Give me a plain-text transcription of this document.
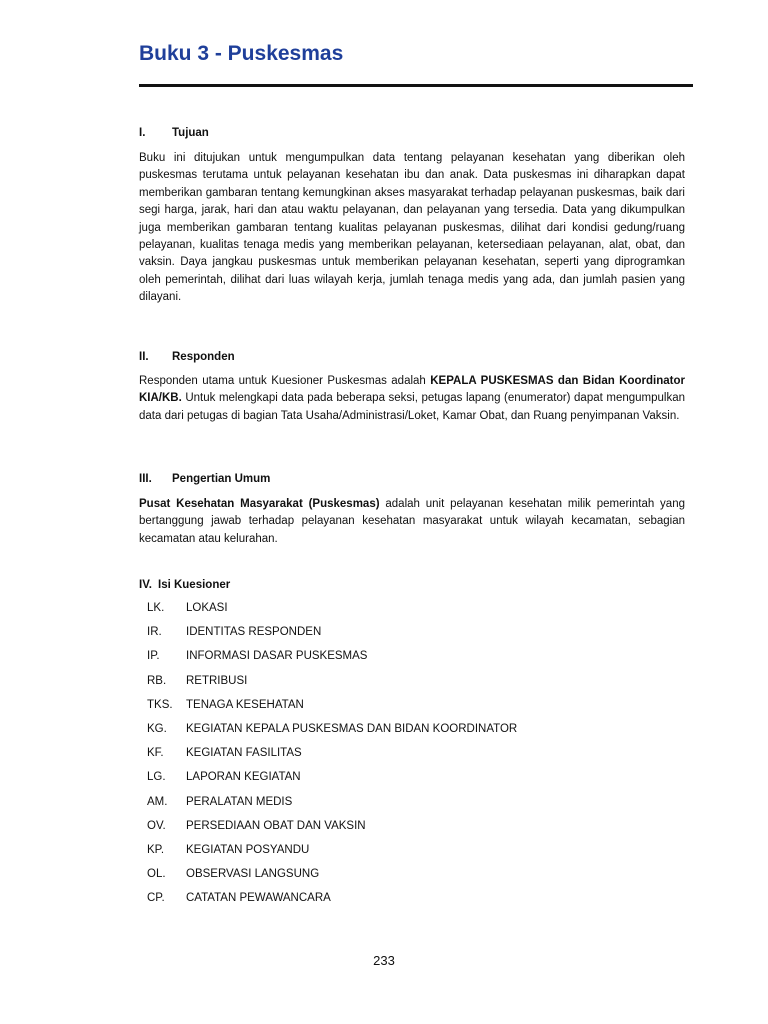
Buku 3 - Puskesmas
I. Tujuan

Buku ini ditujukan untuk mengumpulkan data tentang pelayanan kesehatan yang diberikan oleh puskesmas terutama untuk pelayanan kesehatan ibu dan anak. Data puskesmas ini diharapkan dapat memberikan gambaran tentang kemungkinan akses masyarakat terhadap pelayanan puskesmas, baik dari segi harga, jarak, hari dan atau waktu pelayanan, dan pelayanan yang tersedia. Data yang dikumpulkan juga memberikan gambaran tentang kualitas pelayanan puskesmas, dilihat dari kondisi gedung/ruang pelayanan, kualitas tenaga medis yang memberikan pelayanan, ketersediaan pelayanan, alat, obat, dan vaksin. Daya jangkau puskesmas untuk memberikan pelayanan kesehatan, seperti yang diprogramkan oleh pemerintah, dilihat dari luas wilayah kerja, jumlah tenaga medis yang ada, dan jumlah pasien yang dilayani.

II. Responden

Responden utama untuk Kuesioner Puskesmas adalah KEPALA PUSKESMAS dan Bidan Koordinator KIA/KB. Untuk melengkapi data pada beberapa seksi, petugas lapang (enumerator) dapat mengumpulkan data dari petugas di bagian Tata Usaha/Administrasi/Loket, Kamar Obat, dan Ruang penyimpanan Vaksin.

III. Pengertian Umum

Pusat Kesehatan Masyarakat (Puskesmas) adalah unit pelayanan kesehatan milik pemerintah yang bertanggung jawab terhadap pelayanan kesehatan masyarakat untuk wilayah kecamatan, sebagian kecamatan atau kelurahan.

IV. Isi Kuesioner
LK.	LOKASI
IR.	IDENTITAS RESPONDEN
IP.	INFORMASI DASAR PUSKESMAS
RB.	RETRIBUSI
TKS.	TENAGA KESEHATAN
KG.	KEGIATAN KEPALA PUSKESMAS DAN BIDAN KOORDINATOR
KF.	KEGIATAN FASILITAS
LG.	LAPORAN KEGIATAN
AM.	PERALATAN MEDIS
OV.	PERSEDIAAN OBAT DAN VAKSIN
KP.	KEGIATAN POSYANDU
OL.	OBSERVASI LANGSUNG
CP.	CATATAN PEWAWANCARA
233
